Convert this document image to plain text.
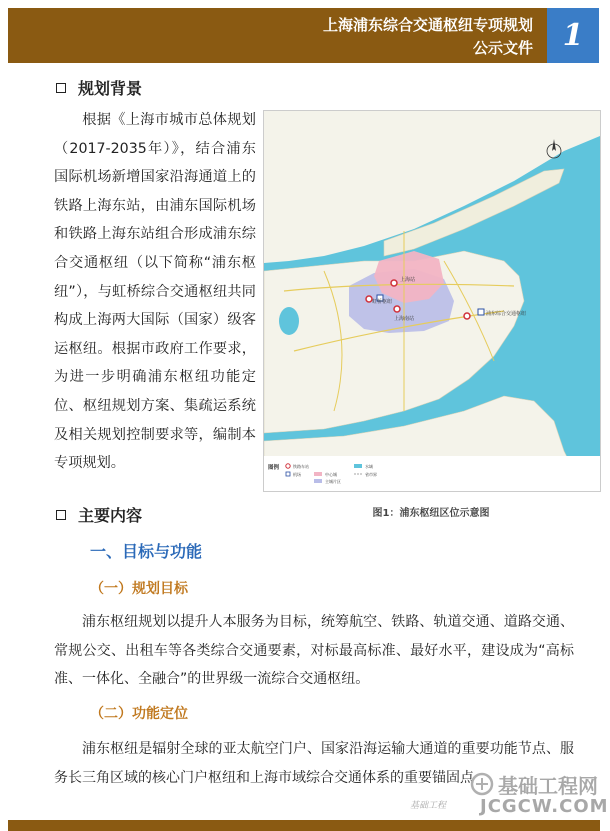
上海浦东综合交通枢纽专项规划
公示文件 1
规划背景
根据《上海市城市总体规划（2017-2035年）》，结合浦东国际机场新增国家沿海通道上的铁路上海东站，由浦东国际机场和铁路上海东站组合形成浦东综合交通枢纽（以下简称“浦东枢纽”），与虹桥综合交通枢纽共同构成上海两大国际（国家）级客运枢纽。根据市政府工作要求，为进一步明确浦东枢纽功能定位、枢纽规划方案、集疏运系统及相关规划控制要求等，编制本专项规划。
上海站
虹桥枢纽
上海南站
浦东综合交通枢纽
图例	铁路车站
机场	中心城
主城片区
水域
省市界
图1：浦东枢纽区位示意图
主要内容
一、目标与功能
（一）规划目标
浦东枢纽规划以提升人本服务为目标，统筹航空、铁路、轨道交通、道路交通、常规公交、出租车等各类综合交通要素，对标最高标准、最好水平，建设成为“高标准、一体化、全融合”的世界级一流综合交通枢纽。
（二）功能定位
浦东枢纽是辐射全球的亚太航空门户、国家沿海运输大通道的重要功能节点、服务长三角区域的核心门户枢纽和上海市域综合交通体系的重要锚固点	基础工程网
基础工程 JCGCW.COM
